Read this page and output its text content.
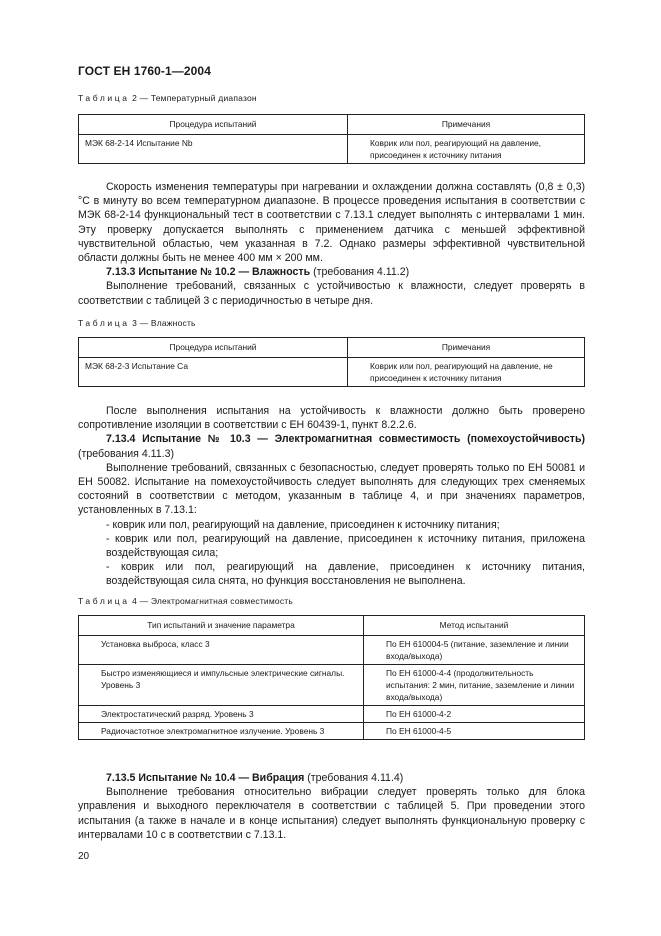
ГОСТ ЕН 1760-1—2004
Таблица 2 — Температурный диапазон
Процедура испытаний	Примечания
МЭК 68-2-14 Испытание Nb	Коврик или пол, реагирующий на давление, присоединен к источнику питания

Скорость изменения температуры при нагревании и охлаждении должна составлять (0,8 ± 0,3) °С в минуту во всем температурном диапазоне. В процессе проведения испытания в соответствии с МЭК 68-2-14 функциональный тест в соответствии с 7.13.1 следует выполнять с интервалами 1 мин. Эту проверку допускается выполнять с применением датчика с меньшей эффективной чувствительной областью, чем указанная в 7.2. Однако размеры эффективной чувствительной области должны быть не менее 400 мм × 200 мм.

7.13.3 Испытание № 10.2 — Влажность (требования 4.11.2)

Выполнение требований, связанных с устойчивостью к влажности, следует проверять в соответствии с таблицей 3 с периодичностью в четыре дня.

Таблица 3 — Влажность
Процедура испытаний	Примечания
МЭК 68-2-3 Испытание Са	Коврик или пол, реагирующий на давление, не присоединен к источнику питания

После выполнения испытания на устойчивость к влажности должно быть проверено сопротивление изоляции в соответствии с ЕН 60439-1, пункт 8.2.2.6.

7.13.4 Испытание № 10.3 — Электромагнитная совместимость (помехоустойчивость) (требования 4.11.3)

Выполнение требований, связанных с безопасностью, следует проверять только по ЕН 50081 и ЕН 50082. Испытание на помехоустойчивость следует выполнять для следующих трех сменяемых состояний в соответствии с методом, указанным в таблице 4, и при значениях параметров, установленных в 7.13.1:

- коврик или пол, реагирующий на давление, присоединен к источнику питания;

- коврик или пол, реагирующий на давление, присоединен к источнику питания, приложена воздействующая сила;

- коврик или пол, реагирующий на давление, присоединен к источнику питания, воздействующая сила снята, но функция восстановления не выполнена.

Таблица 4 — Электромагнитная совместимость
Тип испытаний и значение параметра	Метод испытаний
Установка выброса, класс 3	По ЕН 610004-5 (питание, заземление и линии входа/выхода)
Быстро изменяющиеся и импульсные электрические сигналы. Уровень 3	По ЕН 61000-4-4 (продолжительность испытания: 2 мин, питание, заземление и линии входа/выхода)
Электростатический разряд. Уровень 3	По ЕН 61000-4-2
Радиочастотное электромагнитное излучение. Уровень 3	По ЕН 61000-4-5

7.13.5 Испытание № 10.4 — Вибрация (требования 4.11.4)

Выполнение требования относительно вибрации следует проверять только для блока управления и выходного переключателя в соответствии с таблицей 5. При проведении этого испытания (а также в начале и в конце испытания) следует выполнять функциональную проверку с интервалами 10 с в соответствии с 7.13.1.

20
